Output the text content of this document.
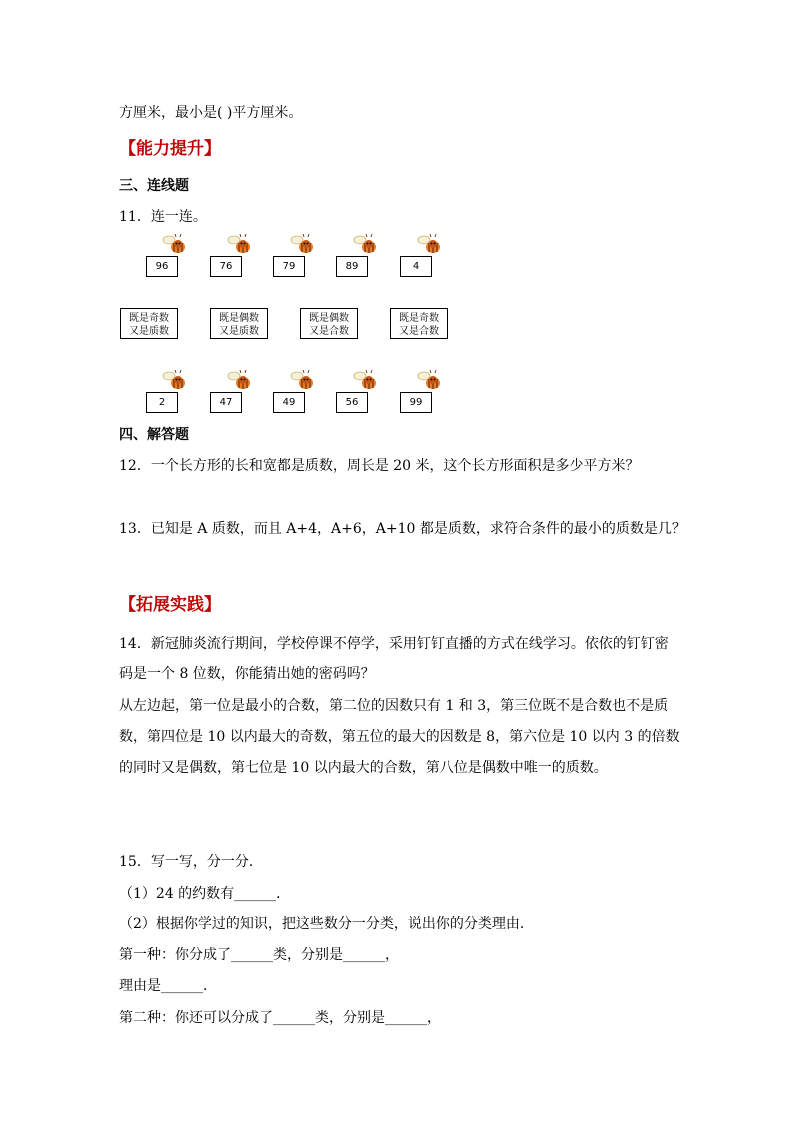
方厘米，最小是( )平方厘米。
【能力提升】
三、连线题
11．连一连。
96	76	79	89	4
既是奇数
又是质数
既是偶数
又是质数
既是偶数
又是合数
既是奇数
又是合数
2	47	49	56	99
四、解答题
12．一个长方形的长和宽都是质数，周长是 20 米，这个长方形面积是多少平方米？
13．已知是 A 质数，而且 A+4，A+6，A+10 都是质数，求符合条件的最小的质数是几？
【拓展实践】
14．新冠肺炎流行期间，学校停课不停学，采用钉钉直播的方式在线学习。依依的钉钉密
码是一个 8 位数，你能猜出她的密码吗？
从左边起，第一位是最小的合数，第二位的因数只有 1 和 3，第三位既不是合数也不是质
数，第四位是 10 以内最大的奇数，第五位的最大的因数是 8，第六位是 10 以内 3 的倍数
的同时又是偶数，第七位是 10 以内最大的合数，第八位是偶数中唯一的质数。
15．写一写，分一分．
（1）24 的约数有______．
（2）根据你学过的知识，把这些数分一分类，说出你的分类理由．
第一种：你分成了______类，分别是______，
理由是______．
第二种：你还可以分成了______类，分别是______，
